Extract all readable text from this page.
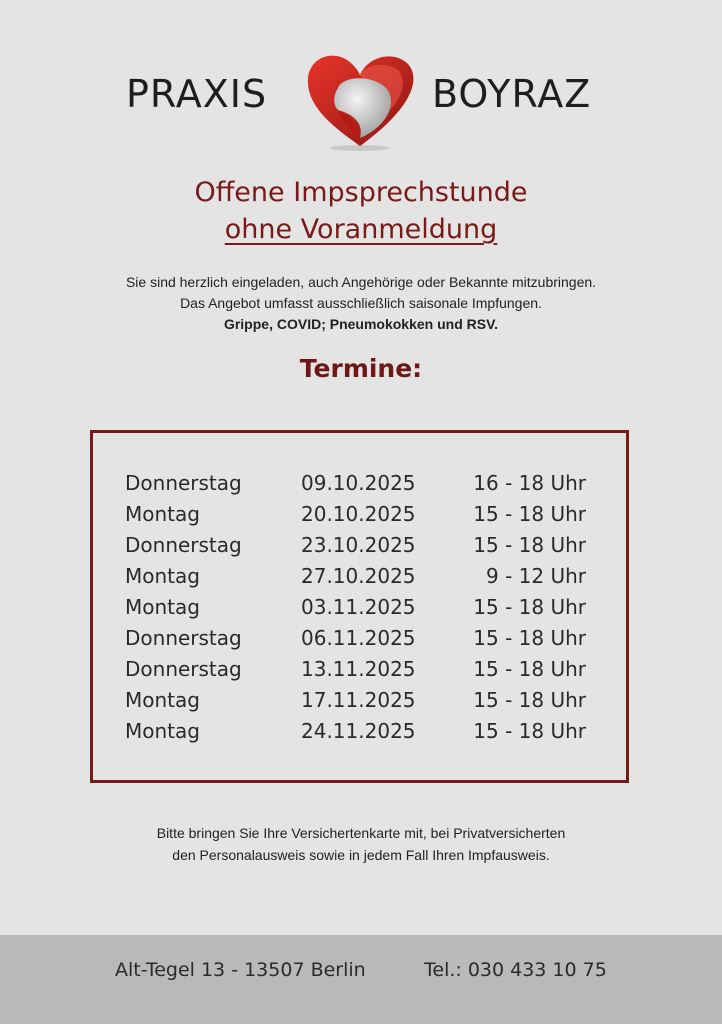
PRAXIS	BOYRAZ
Offene Impsprechstunde
ohne Voranmeldung
Sie sind herzlich eingeladen, auch Angehörige oder Bekannte mitzubringen.
Das Angebot umfasst ausschließlich saisonale Impfungen.
Grippe, COVID; Pneumokokken und RSV.
Termine:
Donnerstag	09.10.2025	16 - 18 Uhr
Montag	20.10.2025	15 - 18 Uhr
Donnerstag	23.10.2025	15 - 18 Uhr
Montag	27.10.2025	9 - 12 Uhr
Montag	03.11.2025	15 - 18 Uhr
Donnerstag	06.11.2025	15 - 18 Uhr
Donnerstag	13.11.2025	15 - 18 Uhr
Montag	17.11.2025	15 - 18 Uhr
Montag	24.11.2025	15 - 18 Uhr
Bitte bringen Sie Ihre Versichertenkarte mit, bei Privatversicherten
den Personalausweis sowie in jedem Fall Ihren Impfausweis.
Alt-Tegel 13 - 13507 Berlin	Tel.: 030 433 10 75
